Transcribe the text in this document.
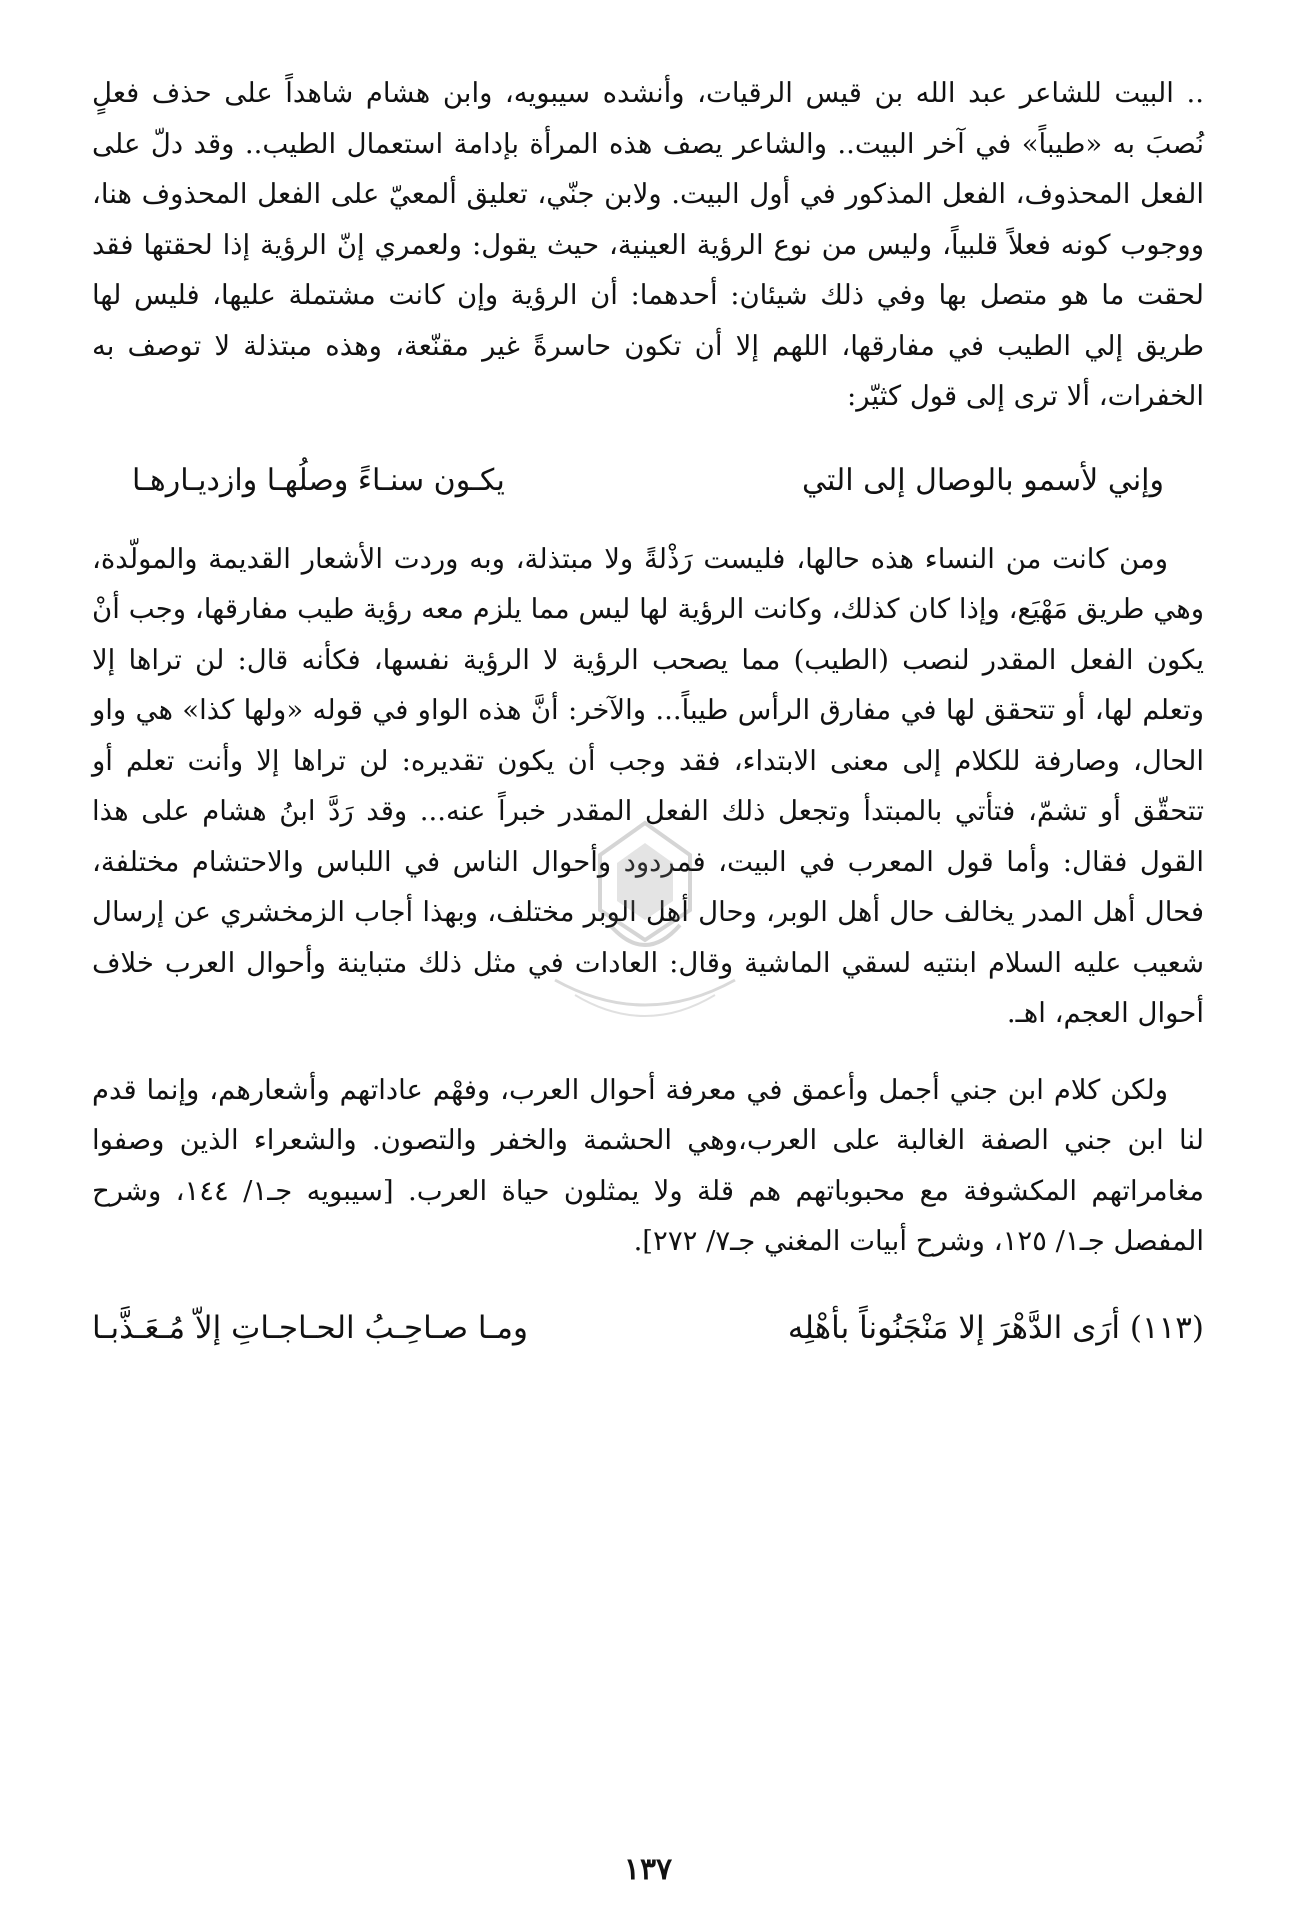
.. البيت للشاعر عبد الله بن قيس الرقيات، وأنشده سيبويه، وابن هشام شاهداً على حذف فعلٍ نُصبَ به «طيباً» في آخر البيت.. والشاعر يصف هذه المرأة بإدامة استعمال الطيب.. وقد دلّ على الفعل المحذوف، الفعل المذكور في أول البيت. ولابن جنّي، تعليق ألمعيّ على الفعل المحذوف هنا، ووجوب كونه فعلاً قلبياً، وليس من نوع الرؤية العينية، حيث يقول: ولعمري إنّ الرؤية إذا لحقتها فقد لحقت ما هو متصل بها وفي ذلك شيئان: أحدهما: أن الرؤية وإن كانت مشتملة عليها، فليس لها طريق إلي الطيب في مفارقها، اللهم إلا أن تكون حاسرةً غير مقنّعة، وهذه مبتذلة لا توصف به الخفرات، ألا ترى إلى قول كثيّر:

وإني لأسمو بالوصال إلى التي
يكـون سنـاءً وصلُهـا وازديـارهـا

ومن كانت من النساء هذه حالها، فليست رَذْلةً ولا مبتذلة، وبه وردت الأشعار القديمة والمولّدة، وهي طريق مَهْيَع، وإذا كان كذلك، وكانت الرؤية لها ليس مما يلزم معه رؤية طيب مفارقها، وجب أنْ يكون الفعل المقدر لنصب (الطيب) مما يصحب الرؤية لا الرؤية نفسها، فكأنه قال: لن تراها إلا وتعلم لها، أو تتحقق لها في مفارق الرأس طيباً... والآخر: أنَّ هذه الواو في قوله «ولها كذا» هي واو الحال، وصارفة للكلام إلى معنى الابتداء، فقد وجب أن يكون تقديره: لن تراها إلا وأنت تعلم أو تتحقّق أو تشمّ، فتأتي بالمبتدأ وتجعل ذلك الفعل المقدر خبراً عنه... وقد رَدَّ ابنُ هشام على هذا القول فقال: وأما قول المعرب في البيت، فمردود وأحوال الناس في اللباس والاحتشام مختلفة، فحال أهل المدر يخالف حال أهل الوبر، وحال أهل الوبر مختلف، وبهذا أجاب الزمخشري عن إرسال شعيب عليه السلام ابنتيه لسقي الماشية وقال: العادات في مثل ذلك متباينة وأحوال العرب خلاف أحوال العجم، اهـ.

ولكن كلام ابن جني أجمل وأعمق في معرفة أحوال العرب، وفهْم عاداتهم وأشعارهم، وإنما قدم لنا ابن جني الصفة الغالبة على العرب،وهي الحشمة والخفر والتصون. والشعراء الذين وصفوا مغامراتهم المكشوفة مع محبوباتهم هم قلة ولا يمثلون حياة العرب. [سيبويه جـ١/ ١٤٤، وشرح المفصل جـ١/ ١٢٥، وشرح أبيات المغني جـ٧/ ٢٧٢].

(١١٣) أرَى الدَّهْرَ إلا مَنْجَنُوناً بأهْلِه
ومـا صـاحِـبُ الحـاجـاتِ إلاّ مُـعَـذَّبـا
١٣٧
